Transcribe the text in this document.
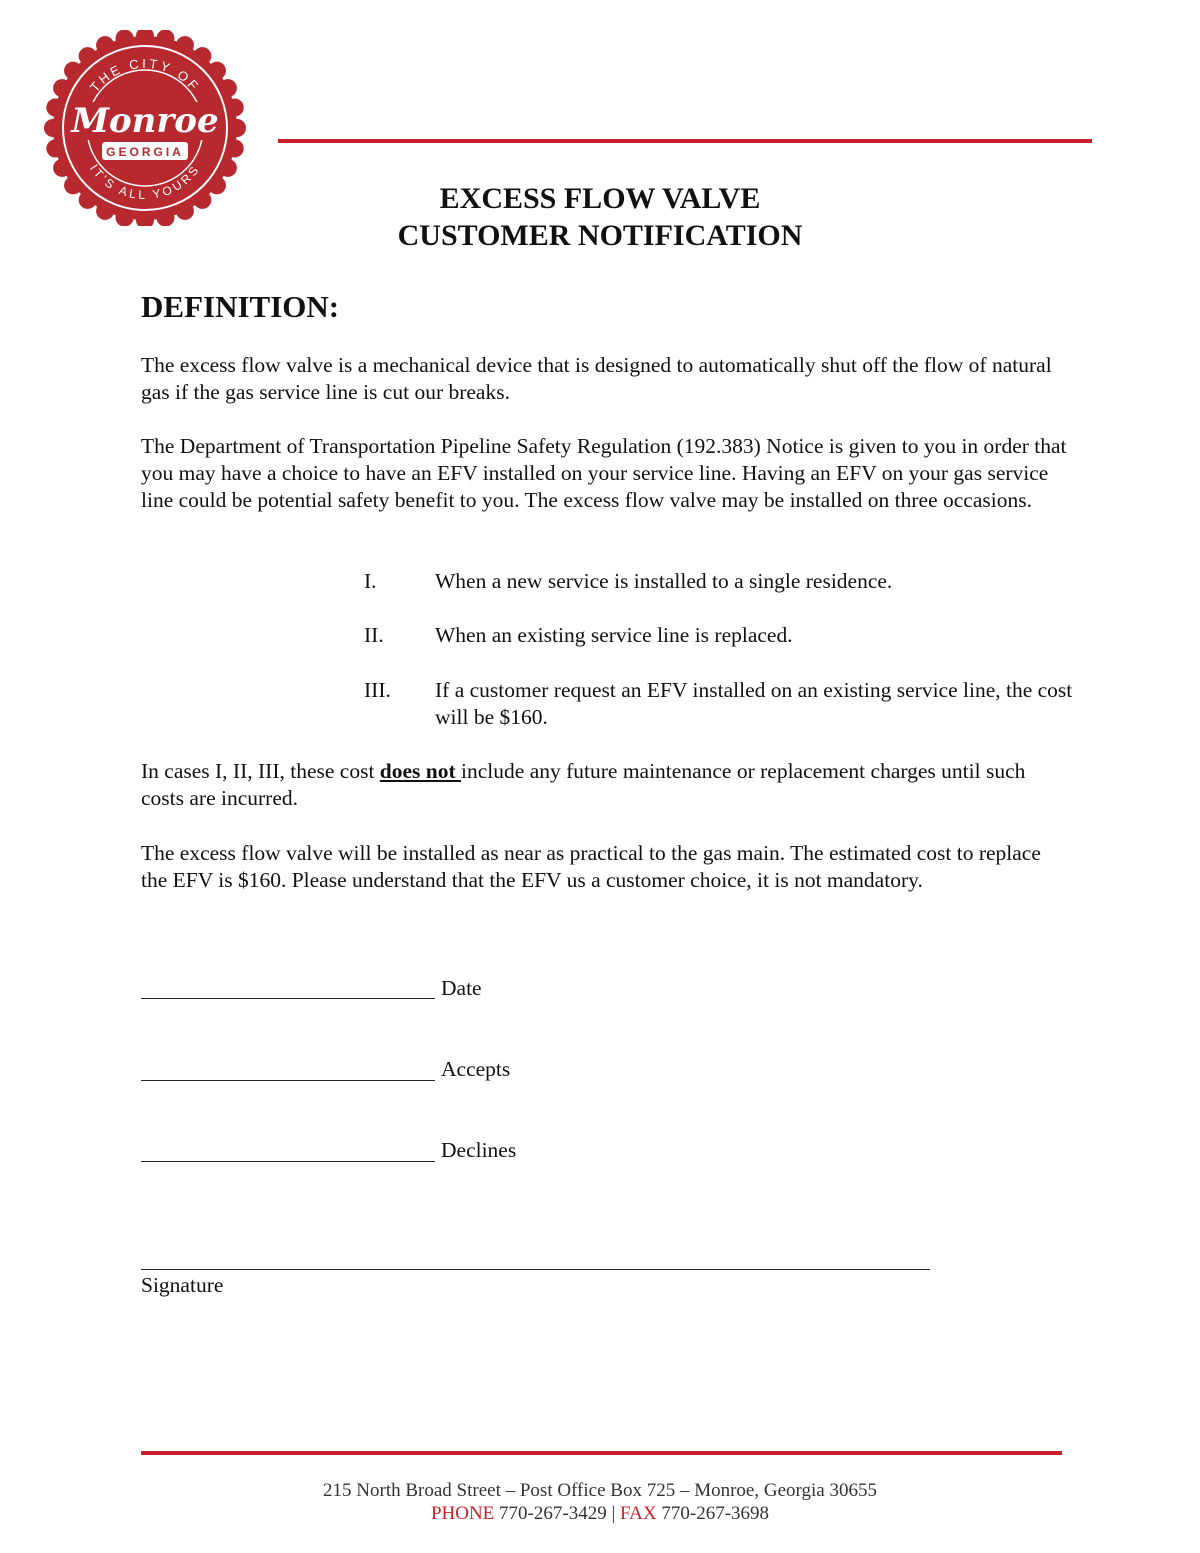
THE CITY OF
IT'S ALL YOURS
Monroe
GEORGIA
EXCESS FLOW VALVE
CUSTOMER NOTIFICATION
DEFINITION:
The excess flow valve is a mechanical device that is designed to automatically shut off the flow of natural gas if the gas service line is cut our breaks.
The Department of Transportation Pipeline Safety Regulation (192.383) Notice is given to you in order that you may have a choice to have an EFV installed on your service line. Having an EFV on your gas service line could be potential safety benefit to you. The excess flow valve may be installed on three occasions.
I.	When a new service is installed to a single residence.
II. When an existing service line is replaced.
III. If a customer request an EFV installed on an existing service line, the cost will be $160.
In cases I, II, III, these cost does not include any future maintenance or replacement charges until such costs are incurred.
The excess flow valve will be installed as near as practical to the gas main. The estimated cost to replace the EFV is $160. Please understand that the EFV us a customer choice, it is not mandatory.
Date
Accepts
Declines
Signature
215 North Broad Street – Post Office Box 725 – Monroe, Georgia 30655
PHONE 770-267-3429 | FAX 770-267-3698
